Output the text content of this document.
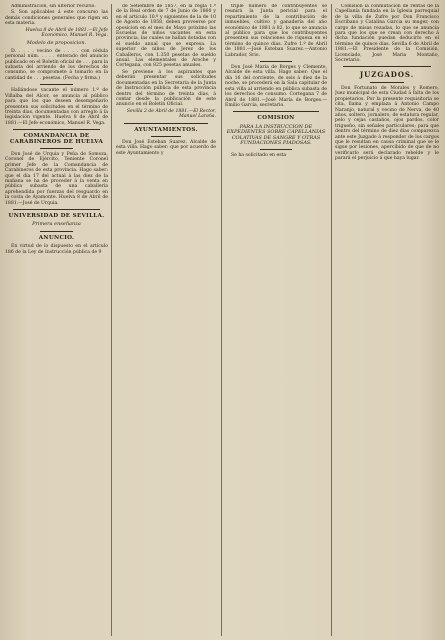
Administracion, sin ulterior recurso.

S. Son aplicables á este concurso las demás condiciones generales que rigen en esta materia.

Huelva 8 de Abril de 1881.—El Jefe Económico, Manuel R. Vega.

Modelo de proposicion.

D. . . . . vecino de . . . . con cédula personal núm. . . . . enterado del anuncio publicado en el Boletín oficial de . . . para la subasta del arriendo de los derechos de consumo, se compromete á tomarlo en la cantidad de . . . pesetas. (Fecha y firma.)

Hallándose vacante el número 1.º de Villalba del Alcor, se anuncia al público para que los que deseen desempeñarlo presenten sus solicitudes en el término de treinta días, documentadas con arreglo á la legislación vigente. Huelva 8 de Abril de 1881.—El Jefe económico, Manuel R. Vega.

COMANDANCIA DE CARABINEROS DE HUELVA

Don José de Urquia y Peña de Somoza, Coronel de Ejército, Teniente Coronel primer Jefe de la Comandancia de Carabineros de esta provincia. Hago saber: que el día 17 del actual á las diez de la mañana se ha de proceder á la venta en pública subasta de una caballería aprehendida por fuerzas del resguardo en la costa de Ayamonte. Huelva 8 de Abril de 1881.—José de Urquia.

UNIVERSIDAD DE SEVILLA.
Primera enseñanza
ANUNCIO.

En virtud de lo dispuesto en el artículo 186 de la Ley de Instrucción pública de 9

de Setiembre de 1857, en la regla 1.ª de la Real orden de 7 de Junio de 1860 y en el artículo 10.º y siguientes de la de 10 de Agosto de 1858, deben proveerse por oposicion en el mes de Mayo próximo las Escuelas de niños vacantes en esta provincia, las cuales se hallan dotadas con el sueldo anual que se expresa. La superior de niños de Jerez de los Caballeros, con 1.350 pesetas de sueldo anual. Las elementales de Aroche y Cortegana, con 825 pesetas anuales.

Se previene á los aspirantes que deberán presentar sus solicitudes documentadas en la Secretaría de la Junta de Instrucción pública de esta provincia dentro del término de treinta días, á contar desde la publicación de este anuncio en el Boletín Oficial.

Sevilla 2 de Abril de 1881.—El Rector, Manuel Laraña.

AYUNTAMIENTOS.

Don José Esteban Suarez, Alcalde de esta villa. Hago saber: que por acuerdo de este Ayuntamiento y

triple número de contribuyentes se reunirá la Junta pericial para el repartimiento de la contribución de inmuebles, cultivo y ganadería del año económico de 1881 á 82, lo que se anuncia al público para que los contribuyentes presenten sus relaciones de riqueza en el término de quince días. Zufre 1.º de Abril de 1881.—José Esteban Suarez.—Antonio Labrador, Srio.

Don José María de Borges y Clemente, Alcalde de esta villa. Hago saber: Que el día 16 del corriente, de seis á diez de la noche, se procederá en la Sala capitular de esta villa al arriendo en pública subasta de los derechos de consumo. Cortegana 7 de Abril de 1881.—José María de Borges.—Emilio Garcia, secretario.

COMISION
PARA LA INSTRUCCION DE EXPEDIENTES SOBRE CAPELLANIAS COLATIVAS DE SANGRE Y OTRAS FUNDACIONES PIADOSAS.

Se ha solicitado en esta

Comision la conmutacion de rentas de la Capellanía fundada en la Iglesia parroquial de la villa de Zufre por Don Francisco Escribano y Catalina Garcia su muger, con cargo de misas rezadas, lo que se anuncia para que los que se crean con derecho á dicha fundación puedan deducirlo en el término de quince días. Sevilla 6 de Abril de 1881.—El Presidente de la Comisión, Licenciado, José Maria Montaño, Secretario.

JUZGADOS.

Don Fortunato de Morales y Romero, Juez municipal de esta Ciudad á falta de los propietarios. Por la presente requisitoria se cita, llama y emplaza á Antonio Campo Naranjo, natural y vecino de Nerva, de 40 años, soltero, jornalero, de estatura regular, pelo y cejas castaños, ojos pardos, color trigueño, sin señales particulares; para que dentro del término de diez días comparezca ante este Juzgado á responder de los cargos que le resultan en causa criminal que se le sigue por lesiones, apercibido de que de no verificarlo será declarado rebelde y le parará el perjuicio á que haya lugar.
